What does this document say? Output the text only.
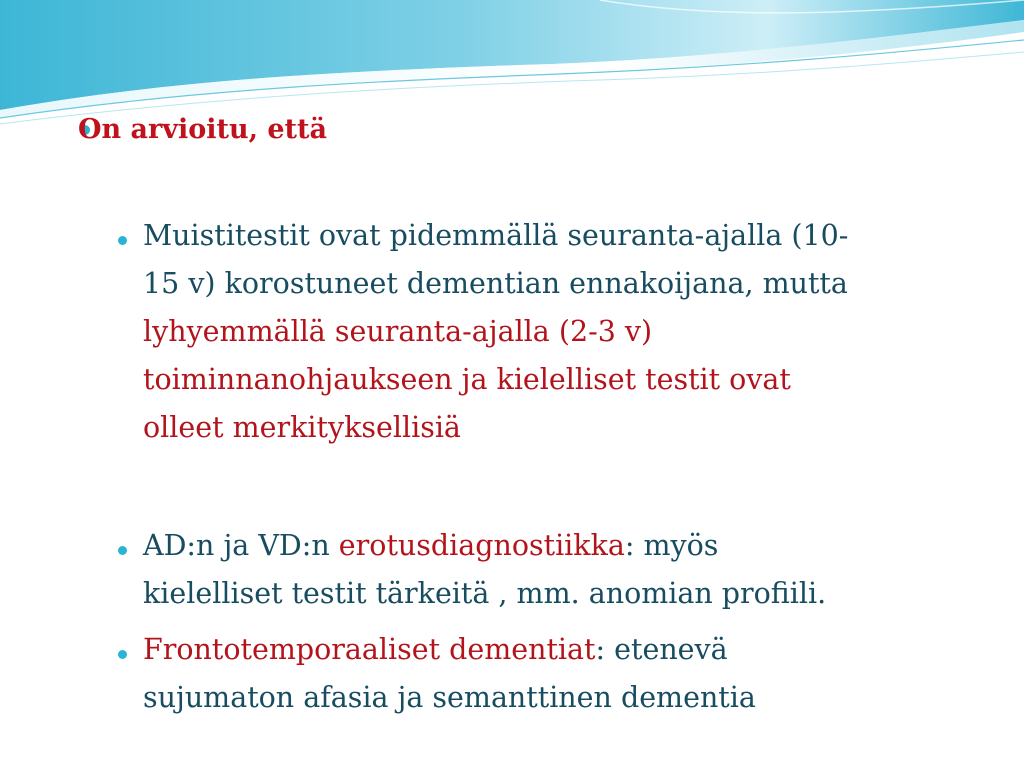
On arvioitu, että
Muistitestit ovat pidemmällä seuranta-ajalla (10-
15 v) korostuneet dementian ennakoijana, mutta
lyhyemmällä seuranta-ajalla (2-3 v)
toiminnanohjaukseen ja kielelliset testit ovat
olleet merkityksellisiä
AD:n ja VD:n erotusdiagnostiikka: myös
kielelliset testit tärkeitä , mm. anomian profiili.
Frontotemporaaliset dementiat: etenevä
sujumaton afasia ja semanttinen dementia
